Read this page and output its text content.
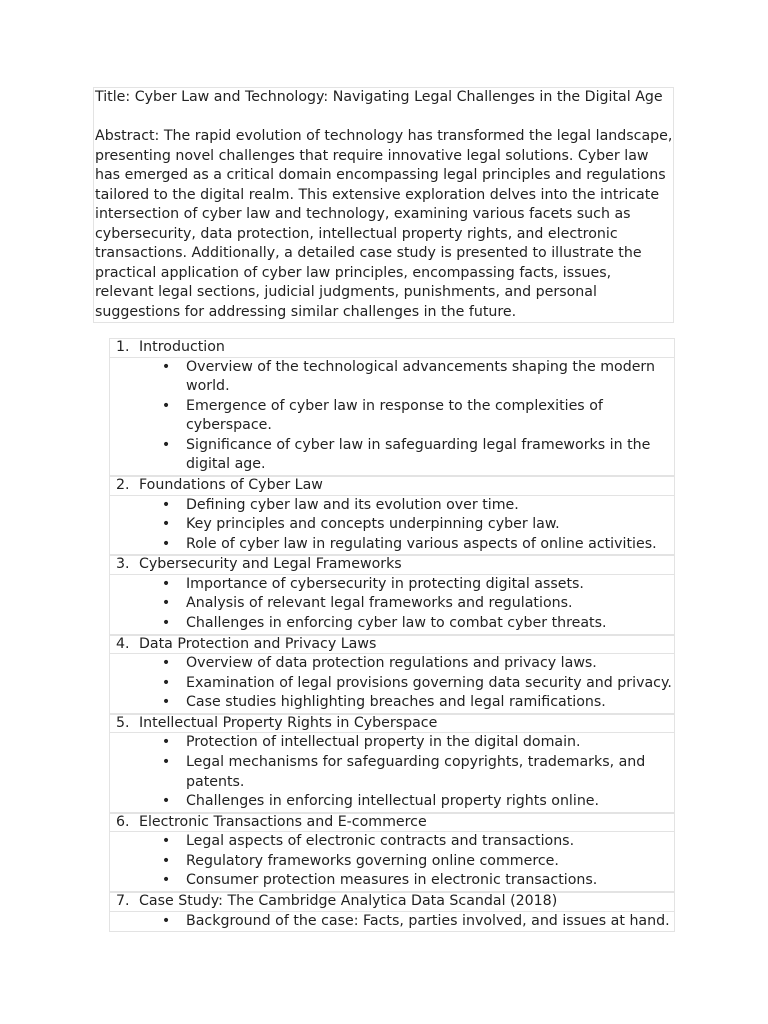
Title: Cyber Law and Technology: Navigating Legal Challenges in the Digital Age

Abstract: The rapid evolution of technology has transformed the legal landscape, presenting novel challenges that require innovative legal solutions. Cyber law has emerged as a critical domain encompassing legal principles and regulations tailored to the digital realm. This extensive exploration delves into the intricate intersection of cyber law and technology, examining various facets such as cybersecurity, data protection, intellectual property rights, and electronic transactions. Additionally, a detailed case study is presented to illustrate the practical application of cyber law principles, encompassing facts, issues, relevant legal sections, judicial judgments, punishments, and personal suggestions for addressing similar challenges in the future.

1. Introduction
• Overview of the technological advancements shaping the modern world.
• Emergence of cyber law in response to the complexities of cyberspace.
• Significance of cyber law in safeguarding legal frameworks in the digital age.
2. Foundations of Cyber Law
• Defining cyber law and its evolution over time.
• Key principles and concepts underpinning cyber law.
• Role of cyber law in regulating various aspects of online activities.
3. Cybersecurity and Legal Frameworks
• Importance of cybersecurity in protecting digital assets.
• Analysis of relevant legal frameworks and regulations.
• Challenges in enforcing cyber law to combat cyber threats.
4. Data Protection and Privacy Laws
• Overview of data protection regulations and privacy laws.
• Examination of legal provisions governing data security and privacy.
• Case studies highlighting breaches and legal ramifications.
5. Intellectual Property Rights in Cyberspace
• Protection of intellectual property in the digital domain.
• Legal mechanisms for safeguarding copyrights, trademarks, and patents.
• Challenges in enforcing intellectual property rights online.
6. Electronic Transactions and E-commerce
• Legal aspects of electronic contracts and transactions.
• Regulatory frameworks governing online commerce.
• Consumer protection measures in electronic transactions.
7. Case Study: The Cambridge Analytica Data Scandal (2018)
• Background of the case: Facts, parties involved, and issues at hand.
